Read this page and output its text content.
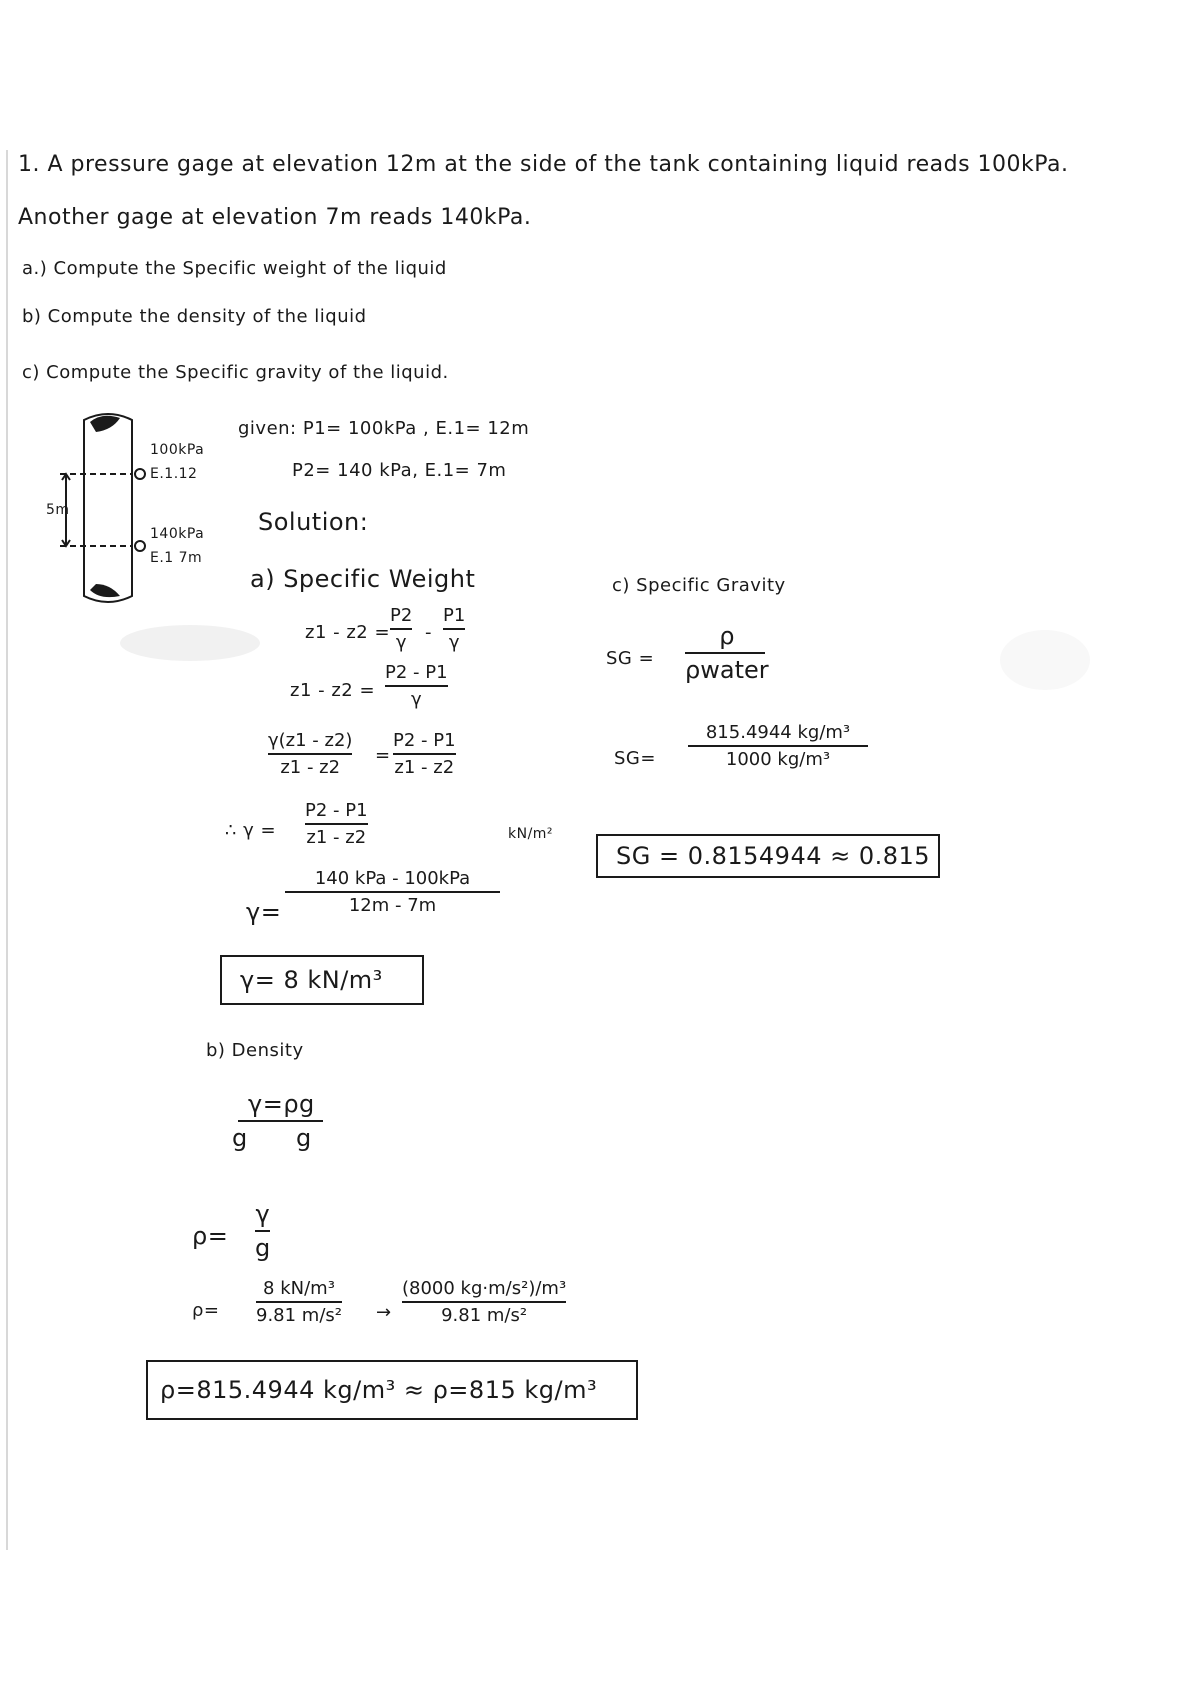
1. A pressure gage at elevation 12m at the side of the tank containing liquid reads 100kPa.
Another gage at elevation 7m reads 140kPa.
a.) Compute the Specific weight of the liquid
b) Compute the density of the liquid
c) Compute the Specific gravity of the liquid.
100kPa
E.1.12
140kPa
E.1 7m
5m
given: P1= 100kPa , E.1= 12m
P2= 140 kPa, E.1= 7m
Solution:
a) Specific Weight
z1 - z2 =
P2
γ -
P1
γ
z1 - z2 =
P2 - P1
γ
γ(z1 - z2)
z1 - z2
=
P2 - P1
z1 - z2
∴ γ =
P2 - P1
z1 - z2	kN/m²
γ=
140 kPa - 100kPa
12m - 7m
γ= 8 kN/m³
b) Density
γ=ρg
g g
ρ=
γ
g
ρ=
8 kN/m³
9.81 m/s² →
(8000 kg·m/s²)/m³
9.81 m/s²
ρ=815.4944 kg/m³ ≈ ρ=815 kg/m³
c) Specific Gravity
SG =
ρ
ρwater
SG=
815.4944 kg/m³
1000 kg/m³
SG = 0.8154944 ≈ 0.815
